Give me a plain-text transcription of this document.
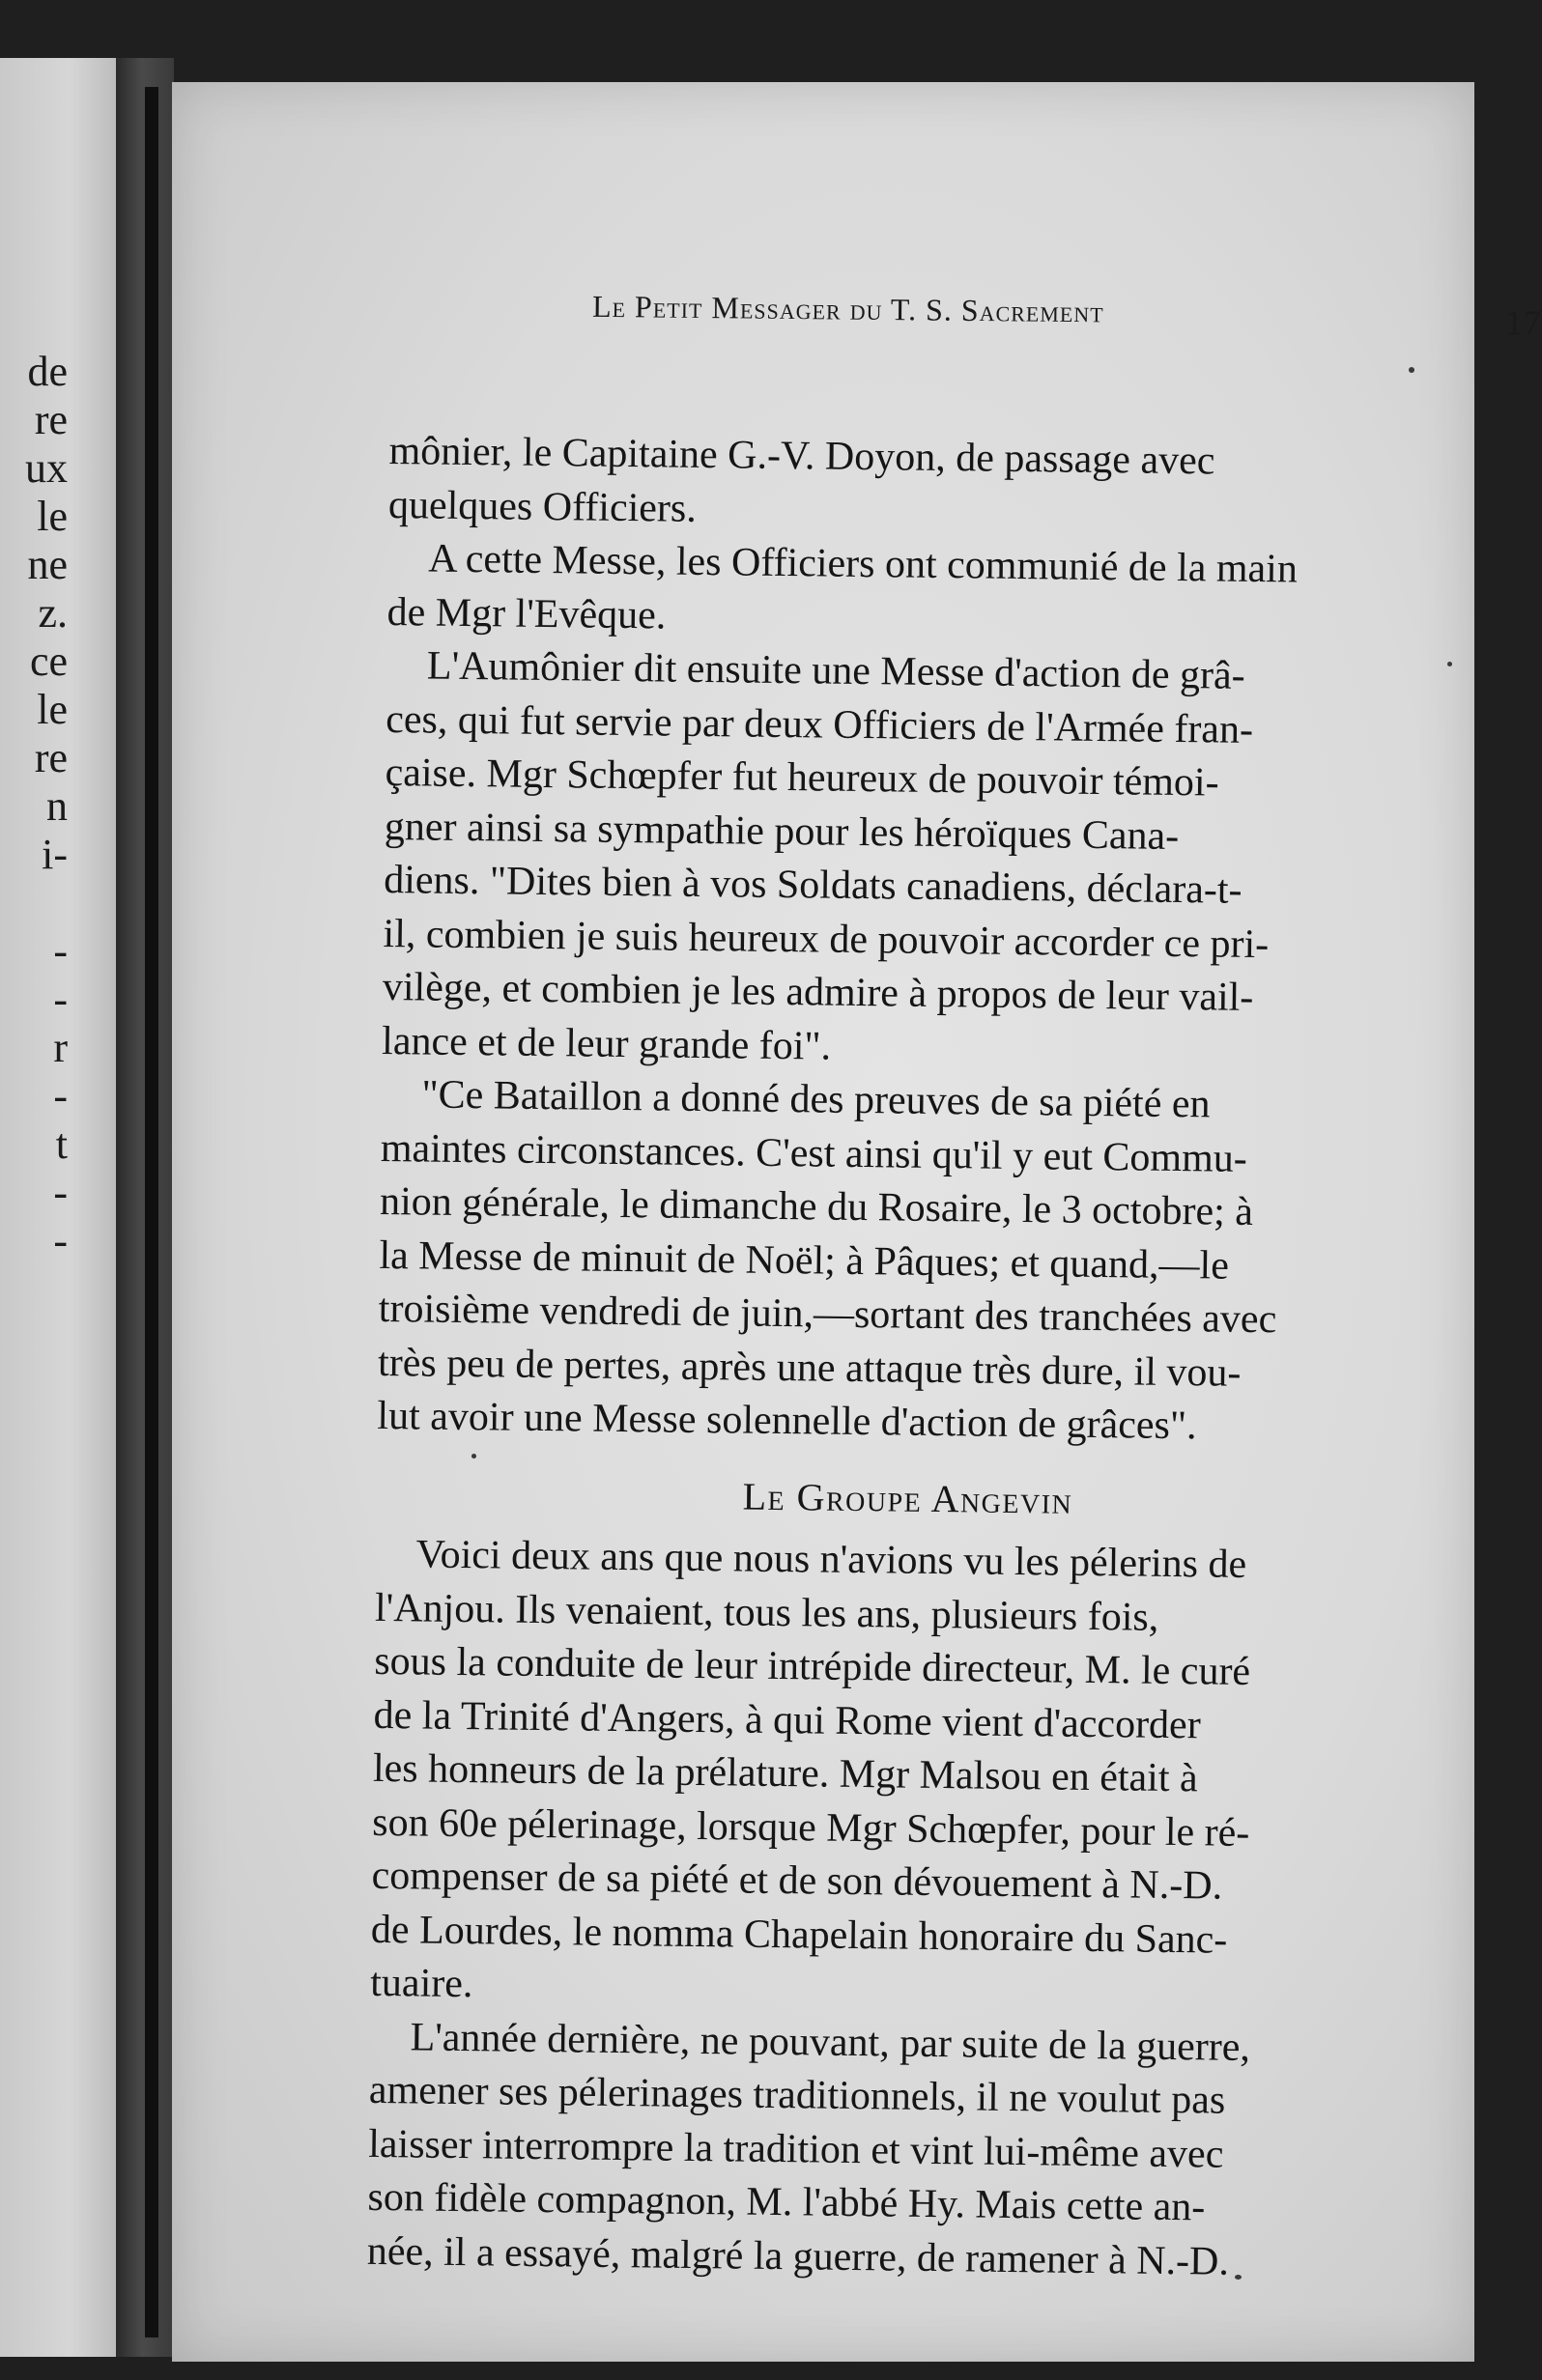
de
re
ux
le
ne
z.
ce
le
re
n
i-
-
-
r
-
t
-
-
Le Petit Messager du T. S. Sacrement	17

mônier, le Capitaine G.-V. Doyon, de passage avec

quelques Officiers.

A cette Messe, les Officiers ont communié de la main

de Mgr l'Evêque.

L'Aumônier dit ensuite une Messe d'action de grâ-

ces, qui fut servie par deux Officiers de l'Armée fran-

çaise. Mgr Schœpfer fut heureux de pouvoir témoi-

gner ainsi sa sympathie pour les héroïques Cana-

diens. "Dites bien à vos Soldats canadiens, déclara-t-

il, combien je suis heureux de pouvoir accorder ce pri-

vilège, et combien je les admire à propos de leur vail-

lance et de leur grande foi".

"Ce Bataillon a donné des preuves de sa piété en

maintes circonstances. C'est ainsi qu'il y eut Commu-

nion générale, le dimanche du Rosaire, le 3 octobre; à

la Messe de minuit de Noël; à Pâques; et quand,—le

troisième vendredi de juin,—sortant des tranchées avec

très peu de pertes, après une attaque très dure, il vou-

lut avoir une Messe solennelle d'action de grâces".

Le Groupe Angevin

Voici deux ans que nous n'avions vu les pélerins de

l'Anjou. Ils venaient, tous les ans, plusieurs fois,

sous la conduite de leur intrépide directeur, M. le curé

de la Trinité d'Angers, à qui Rome vient d'accorder

les honneurs de la prélature. Mgr Malsou en était à

son 60e pélerinage, lorsque Mgr Schœpfer, pour le ré-

compenser de sa piété et de son dévouement à N.-D.

de Lourdes, le nomma Chapelain honoraire du Sanc-

tuaire.

L'année dernière, ne pouvant, par suite de la guerre,

amener ses pélerinages traditionnels, il ne voulut pas

laisser interrompre la tradition et vint lui-même avec

son fidèle compagnon, M. l'abbé Hy. Mais cette an-

née, il a essayé, malgré la guerre, de ramener à N.-D.
